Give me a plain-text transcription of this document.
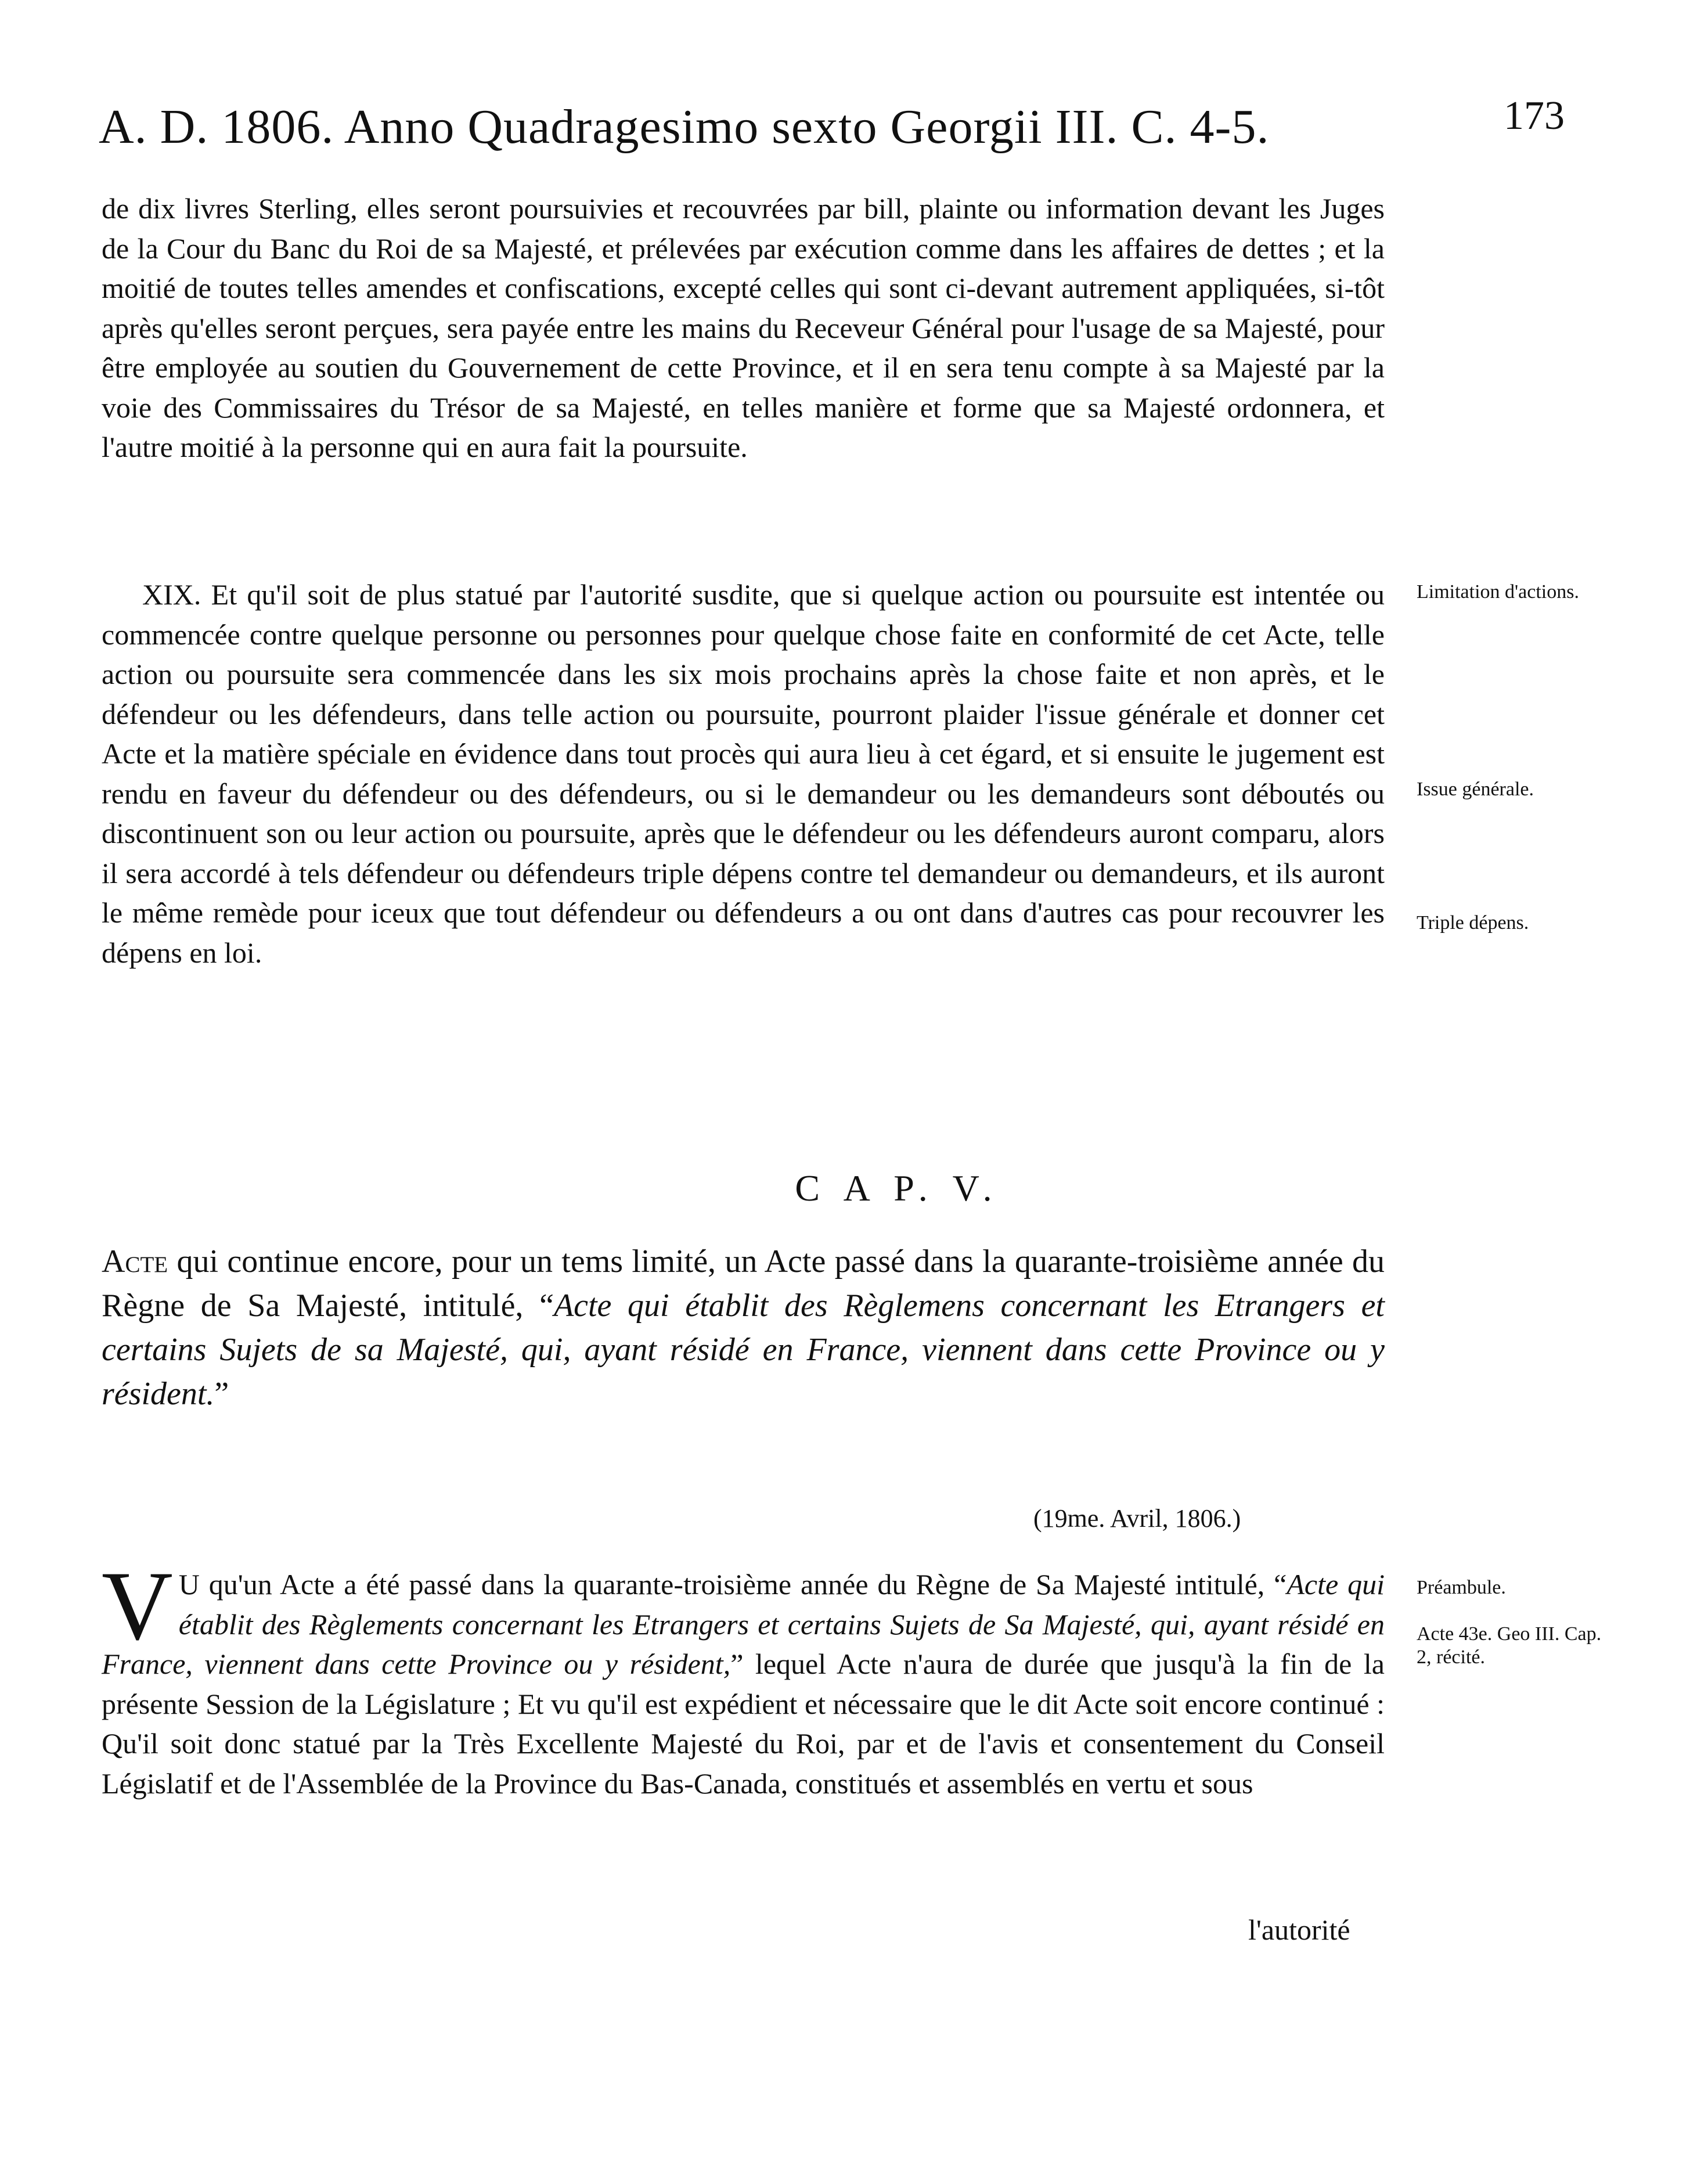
A. D. 1806. Anno Quadragesimo sexto Georgii III. C. 4-5.	173

de dix livres Sterling, elles seront poursuivies et recouvrées par bill, plainte ou information devant les Juges de la Cour du Banc du Roi de sa Majesté, et prélevées par exécution comme dans les affaires de dettes ; et la moitié de toutes telles amendes et confiscations, excepté celles qui sont ci-devant autrement appliquées, si-tôt après qu'elles seront perçues, sera payée entre les mains du Receveur Général pour l'usage de sa Majesté, pour être employée au soutien du Gouvernement de cette Province, et il en sera tenu compte à sa Majesté par la voie des Commissaires du Trésor de sa Majesté, en telles manière et forme que sa Majesté ordonnera, et l'autre moitié à la personne qui en aura fait la poursuite.

XIX. Et qu'il soit de plus statué par l'autorité susdite, que si quelque action ou poursuite est intentée ou commencée contre quelque personne ou personnes pour quelque chose faite en conformité de cet Acte, telle action ou poursuite sera commencée dans les six mois prochains après la chose faite et non après, et le défendeur ou les défendeurs, dans telle action ou poursuite, pourront plaider l'issue générale et donner cet Acte et la matière spéciale en évidence dans tout procès qui aura lieu à cet égard, et si ensuite le jugement est rendu en faveur du défendeur ou des défendeurs, ou si le demandeur ou les demandeurs sont déboutés ou discontinuent son ou leur action ou poursuite, après que le défendeur ou les défendeurs auront comparu, alors il sera accordé à tels défendeur ou défendeurs triple dépens contre tel demandeur ou demandeurs, et ils auront le même remède pour iceux que tout défendeur ou défendeurs a ou ont dans d'autres cas pour recouvrer les dépens en loi.

Limitation d'actions.
Issue générale.
Triple dépens.
C A P. V.
Acte qui continue encore, pour un tems limité, un Acte passé dans la quarante-troisième année du Règne de Sa Majesté, intitulé, “Acte qui établit des Règlemens concernant les Etrangers et certains Sujets de sa Majesté, qui, ayant résidé en France, viennent dans cette Province ou y résident.”
(19me. Avril, 1806.)
V U qu'un Acte a été passé dans la quarante-troisième année du Règne de Sa Majesté intitulé, “Acte qui établit des Règlements concernant les Etrangers et certains Sujets de Sa Majesté, qui, ayant résidé en France, viennent dans cette Province ou y résident,” lequel Acte n'aura de durée que jusqu'à la fin de la présente Session de la Législature ; Et vu qu'il est expédient et nécessaire que le dit Acte soit encore continué : Qu'il soit donc statué par la Très Excellente Majesté du Roi, par et de l'avis et consentement du Conseil Législatif et de l'Assemblée de la Province du Bas-Canada, constitués et assemblés en vertu et sous
Préambule.
Acte 43e. Geo III. Cap. 2, récité.
l'autorité
